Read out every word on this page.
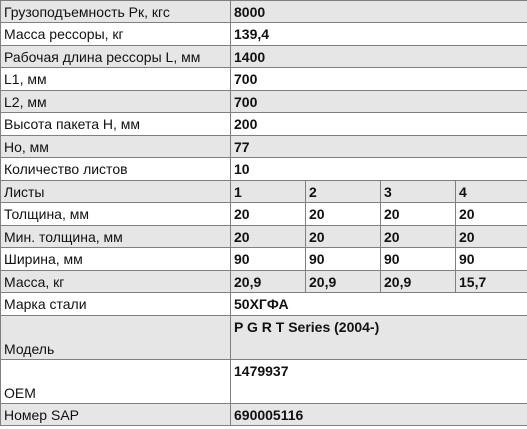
Грузоподъемность Рк, кгс	8000			
Масса рессоры, кг	139,4			
Рабочая длина рессоры L, мм	1400			
L1, мм	700			
L2, мм	700			
Высота пакета Н, мм	200			
Но, мм	77			
Количество листов	10			
Листы	1	2	3	4
Толщина, мм	20	20	20	20
Мин. толщина, мм	20	20	20	20
Ширина, мм	90	90	90	90
Масса, кг	20,9	20,9	20,9	15,7
Марка стали	50ХГФА			
Модель	P G R T Series (2004-)			
OEM	1479937			
Номер SAP	690005116			
